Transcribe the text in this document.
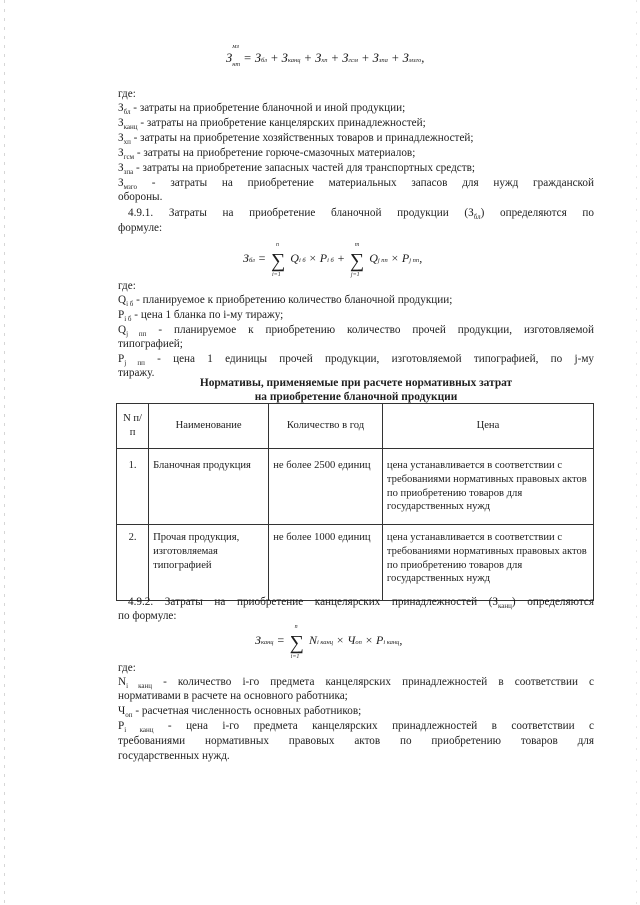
З
мз
$_{нт}$ = Збл + Зканц + Зхп + Згсм + Ззпа + Змзго,
где:
$З_{бл}$ - затраты на приобретение бланочной и иной продукции;
$З_{канц}$ - затраты на приобретение канцелярских принадлежностей;
$З_{хп}$ - затраты на приобретение хозяйственных товаров и принадлежностей;
$З_{гсм}$ - затраты на приобретение горюче-смазочных материалов;
$З_{зпа}$ - затраты на приобретение запасных частей для транспортных средств;
$З_{мзго}$ - затраты на приобретение материальных запасов для нужд гражданской
обороны.
4.9.1. Затраты на приобретение бланочной продукции $(З_{бл})$ определяются по
формуле:
Збл = ∑
n
i=1
Qi б × Pi б + ∑
m
j=1
Qj пп × Pj пп,
где:
$Q_{i б}$ - планируемое к приобретению количество бланочной продукции;
$P_{i б}$ - цена 1 бланка по i-му тиражу;
$Q_{j пп}$ - планируемое к приобретению количество прочей продукции, изготовляемой
типографией;
$P_{j пп}$ - цена 1 единицы прочей продукции, изготовляемой типографией, по j-му
тиражу.
Нормативы, применяемые при расчете нормативных затрат
на приобретение бланочной продукции
N п/п	Наименование	Количество в год	Цена
1.	Бланочная продукция	не более 2500 единиц	цена устанавливается в соответствии с требованиями нормативных правовых актов по приобретению товаров для государственных нужд
2.	Прочая продукция, изготовляемая типографией	не более 1000 единиц	цена устанавливается в соответствии с требованиями нормативных правовых актов по приобретению товаров для государственных нужд
4.9.2. Затраты на приобретение канцелярских принадлежностей $(З_{канц})$ определяются
по формуле:
Зканц = ∑
n
i=1
Ni канц × Чоп × Pi канц,
где:
$N_{i канц}$ - количество i-го предмета канцелярских принадлежностей в соответствии с
нормативами в расчете на основного работника;
$Ч_{оп}$ - расчетная численность основных работников;
$P_{i канц}$ - цена i-го предмета канцелярских принадлежностей в соответствии с
требованиями нормативных правовых актов по приобретению товаров для
государственных нужд.
